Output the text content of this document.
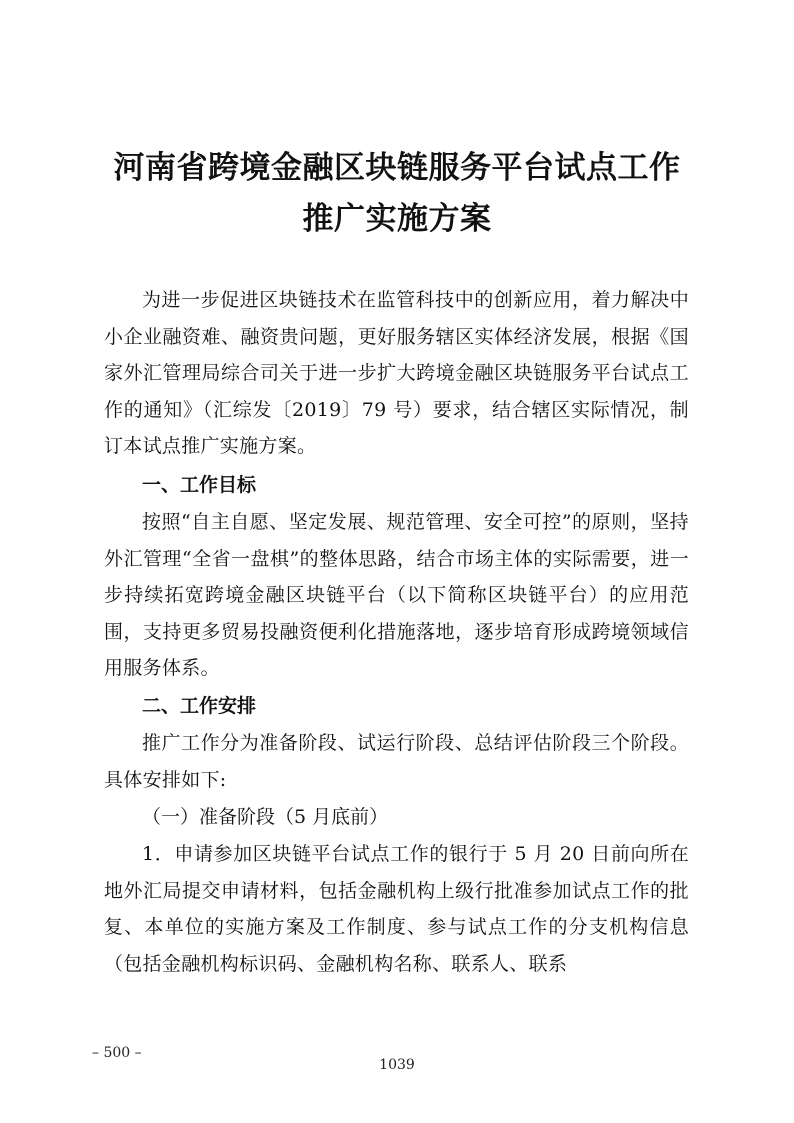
河南省跨境金融区块链服务平台试点工作
推广实施方案

为进一步促进区块链技术在监管科技中的创新应用，着力解决中小企业融资难、融资贵问题，更好服务辖区实体经济发展，根据《国家外汇管理局综合司关于进一步扩大跨境金融区块链服务平台试点工作的通知》（汇综发〔2019〕79 号）要求，结合辖区实际情况，制订本试点推广实施方案。

一、工作目标

按照“自主自愿、坚定发展、规范管理、安全可控”的原则，坚持外汇管理“全省一盘棋”的整体思路，结合市场主体的实际需要，进一步持续拓宽跨境金融区块链平台（以下简称区块链平台）的应用范围，支持更多贸易投融资便利化措施落地，逐步培育形成跨境领域信用服务体系。

二、工作安排

推广工作分为准备阶段、试运行阶段、总结评估阶段三个阶段。具体安排如下:

（一）准备阶段（5 月底前）

1．申请参加区块链平台试点工作的银行于 5 月 20 日前向所在地外汇局提交申请材料，包括金融机构上级行批准参加试点工作的批复、本单位的实施方案及工作制度、参与试点工作的分支机构信息（包括金融机构标识码、金融机构名称、联系人、联系

– 500 –
1039
